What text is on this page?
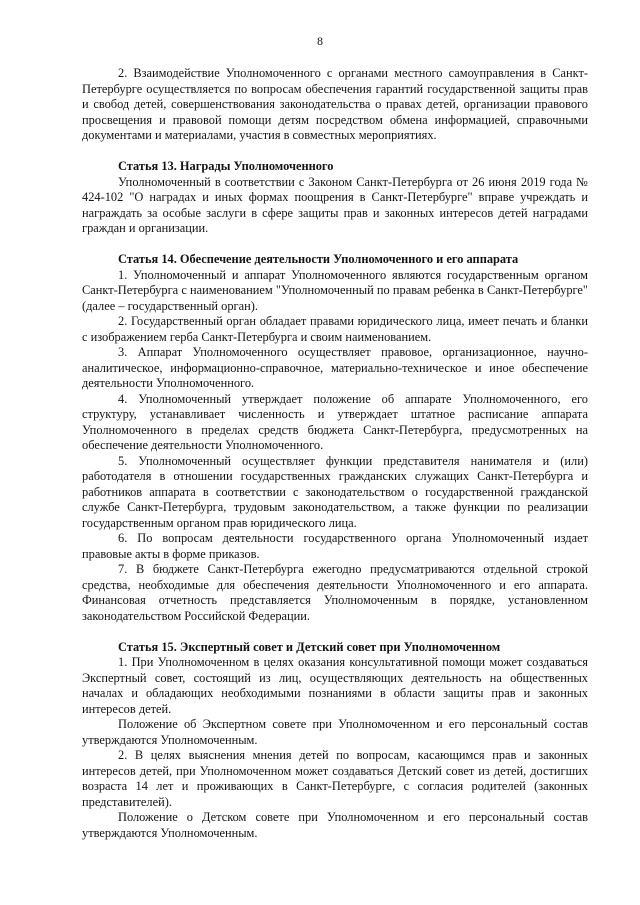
8

2. Взаимодействие Уполномоченного с органами местного самоуправления в Санкт-Петербурге осуществляется по вопросам обеспечения гарантий государственной защиты прав и свобод детей, совершенствования законодательства о правах детей, организации правового просвещения и правовой помощи детям посредством обмена информацией, справочными документами и материалами, участия в совместных мероприятиях.

Статья 13. Награды Уполномоченного

Уполномоченный в соответствии с Законом Санкт-Петербурга от 26 июня 2019 года № 424-102 "О наградах и иных формах поощрения в Санкт-Петербурге" вправе учреждать и награждать за особые заслуги в сфере защиты прав и законных интересов детей наградами граждан и организации.

Статья 14. Обеспечение деятельности Уполномоченного и его аппарата

1. Уполномоченный и аппарат Уполномоченного являются государственным органом Санкт-Петербурга с наименованием "Уполномоченный по правам ребенка в Санкт-Петербурге" (далее – государственный орган).

2. Государственный орган обладает правами юридического лица, имеет печать и бланки с изображением герба Санкт-Петербурга и своим наименованием.

3. Аппарат Уполномоченного осуществляет правовое, организационное, научно-аналитическое, информационно-справочное, материально-техническое и иное обеспечение деятельности Уполномоченного.

4. Уполномоченный утверждает положение об аппарате Уполномоченного, его структуру, устанавливает численность и утверждает штатное расписание аппарата Уполномоченного в пределах средств бюджета Санкт-Петербурга, предусмотренных на обеспечение деятельности Уполномоченного.

5. Уполномоченный осуществляет функции представителя нанимателя и (или) работодателя в отношении государственных гражданских служащих Санкт-Петербурга и работников аппарата в соответствии с законодательством о государственной гражданской службе Санкт-Петербурга, трудовым законодательством, а также функции по реализации государственным органом прав юридического лица.

6. По вопросам деятельности государственного органа Уполномоченный издает правовые акты в форме приказов.

7. В бюджете Санкт-Петербурга ежегодно предусматриваются отдельной строкой средства, необходимые для обеспечения деятельности Уполномоченного и его аппарата. Финансовая отчетность представляется Уполномоченным в порядке, установленном законодательством Российской Федерации.

Статья 15. Экспертный совет и Детский совет при Уполномоченном

1. При Уполномоченном в целях оказания консультативной помощи может создаваться Экспертный совет, состоящий из лиц, осуществляющих деятельность на общественных началах и обладающих необходимыми познаниями в области защиты прав и законных интересов детей.

Положение об Экспертном совете при Уполномоченном и его персональный состав утверждаются Уполномоченным.

2. В целях выяснения мнения детей по вопросам, касающимся прав и законных интересов детей, при Уполномоченном может создаваться Детский совет из детей, достигших возраста 14 лет и проживающих в Санкт-Петербурге, с согласия родителей (законных представителей).

Положение о Детском совете при Уполномоченном и его персональный состав утверждаются Уполномоченным.
